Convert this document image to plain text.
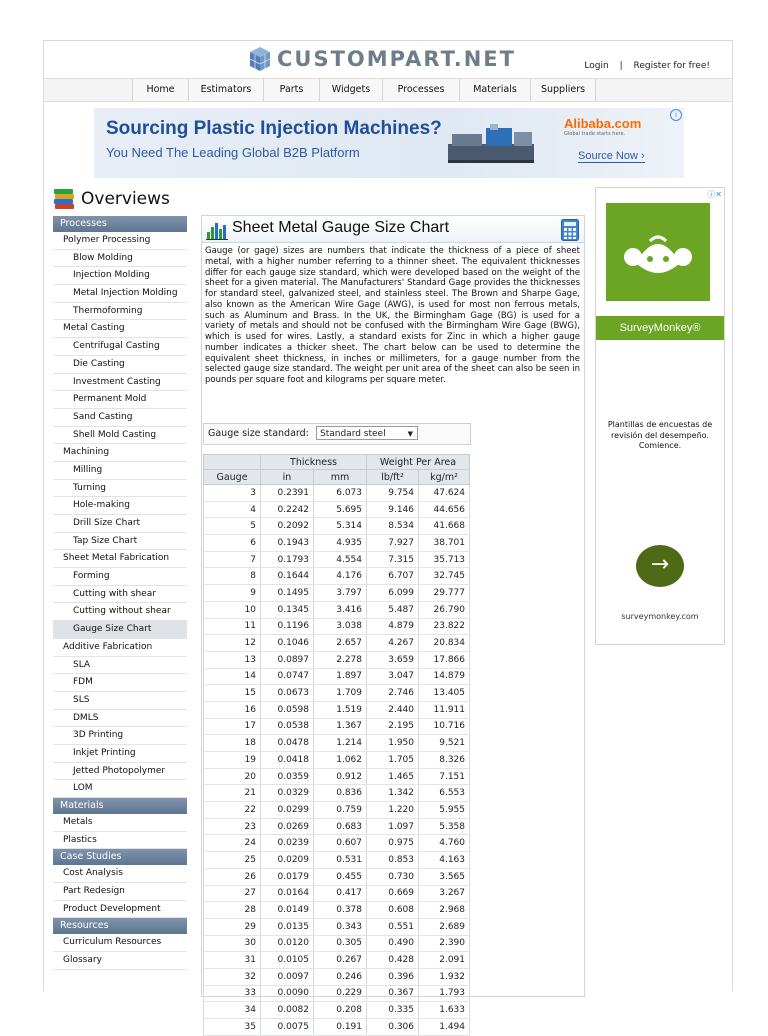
CUSTOMPART.NET	Login | Register for free!
Home	Estimators	Parts	Widgets	Processes	Materials	Suppliers
Sourcing Plastic Injection Machines?
You Need The Leading Global B2B Platform
Alibaba.com
Global trade starts here.
Source Now ›
i
Overviews
Processes
Polymer Processing
Blow Molding
Injection Molding
Metal Injection Molding
Thermoforming
Metal Casting
Centrifugal Casting
Die Casting
Investment Casting
Permanent Mold
Sand Casting
Shell Mold Casting
Machining
Milling
Turning
Hole-making
Drill Size Chart
Tap Size Chart
Sheet Metal Fabrication
Forming
Cutting with shear
Cutting without shear
Gauge Size Chart
Additive Fabrication
SLA
FDM
SLS
DMLS
3D Printing
Inkjet Printing
Jetted Photopolymer
LOM
Materials
Metals
Plastics
Case Studies
Cost Analysis
Part Redesign
Product Development
Resources
Curriculum Resources
Glossary
Sheet Metal Gauge Size Chart
Gauge (or gage) sizes are numbers that indicate the thickness of a piece of sheet metal, with a higher number referring to a thinner sheet. The equivalent thicknesses differ for each gauge size standard, which were developed based on the weight of the sheet for a given material. The Manufacturers' Standard Gage provides the thicknesses for standard steel, galvanized steel, and stainless steel. The Brown and Sharpe Gage, also known as the American Wire Gage (AWG), is used for most non ferrous metals, such as Aluminum and Brass. In the UK, the Birmingham Gage (BG) is used for a variety of metals and should not be confused with the Birmingham Wire Gage (BWG), which is used for wires. Lastly, a standard exists for Zinc in which a higher gauge number indicates a thicker sheet. The chart below can be used to determine the equivalent sheet thickness, in inches or millimeters, for a gauge number from the selected gauge size standard. The weight per unit area of the sheet can also be seen in pounds per square foot and kilograms per square meter.
Gauge size standard:	Standard steel	▼
	Thickness		Weight Per Area	
Gauge	in	mm	lb/ft²	kg/m²
3	0.2391	6.073	9.754	47.624
4	0.2242	5.695	9.146	44.656
5	0.2092	5.314	8.534	41.668
6	0.1943	4.935	7.927	38.701
7	0.1793	4.554	7.315	35.713
8	0.1644	4.176	6.707	32.745
9	0.1495	3.797	6.099	29.777
10	0.1345	3.416	5.487	26.790
11	0.1196	3.038	4.879	23.822
12	0.1046	2.657	4.267	20.834
13	0.0897	2.278	3.659	17.866
14	0.0747	1.897	3.047	14.879
15	0.0673	1.709	2.746	13.405
16	0.0598	1.519	2.440	11.911
17	0.0538	1.367	2.195	10.716
18	0.0478	1.214	1.950	9.521
19	0.0418	1.062	1.705	8.326
20	0.0359	0.912	1.465	7.151
21	0.0329	0.836	1.342	6.553
22	0.0299	0.759	1.220	5.955
23	0.0269	0.683	1.097	5.358
24	0.0239	0.607	0.975	4.760
25	0.0209	0.531	0.853	4.163
26	0.0179	0.455	0.730	3.565
27	0.0164	0.417	0.669	3.267
28	0.0149	0.378	0.608	2.968
29	0.0135	0.343	0.551	2.689
30	0.0120	0.305	0.490	2.390
31	0.0105	0.267	0.428	2.091
32	0.0097	0.246	0.396	1.932
33	0.0090	0.229	0.367	1.793
34	0.0082	0.208	0.335	1.633
35	0.0075	0.191	0.306	1.494
ⓘ✕
SurveyMonkey®
Plantillas de encuestas de revisión del desempeño. Comience.
→
surveymonkey.com
